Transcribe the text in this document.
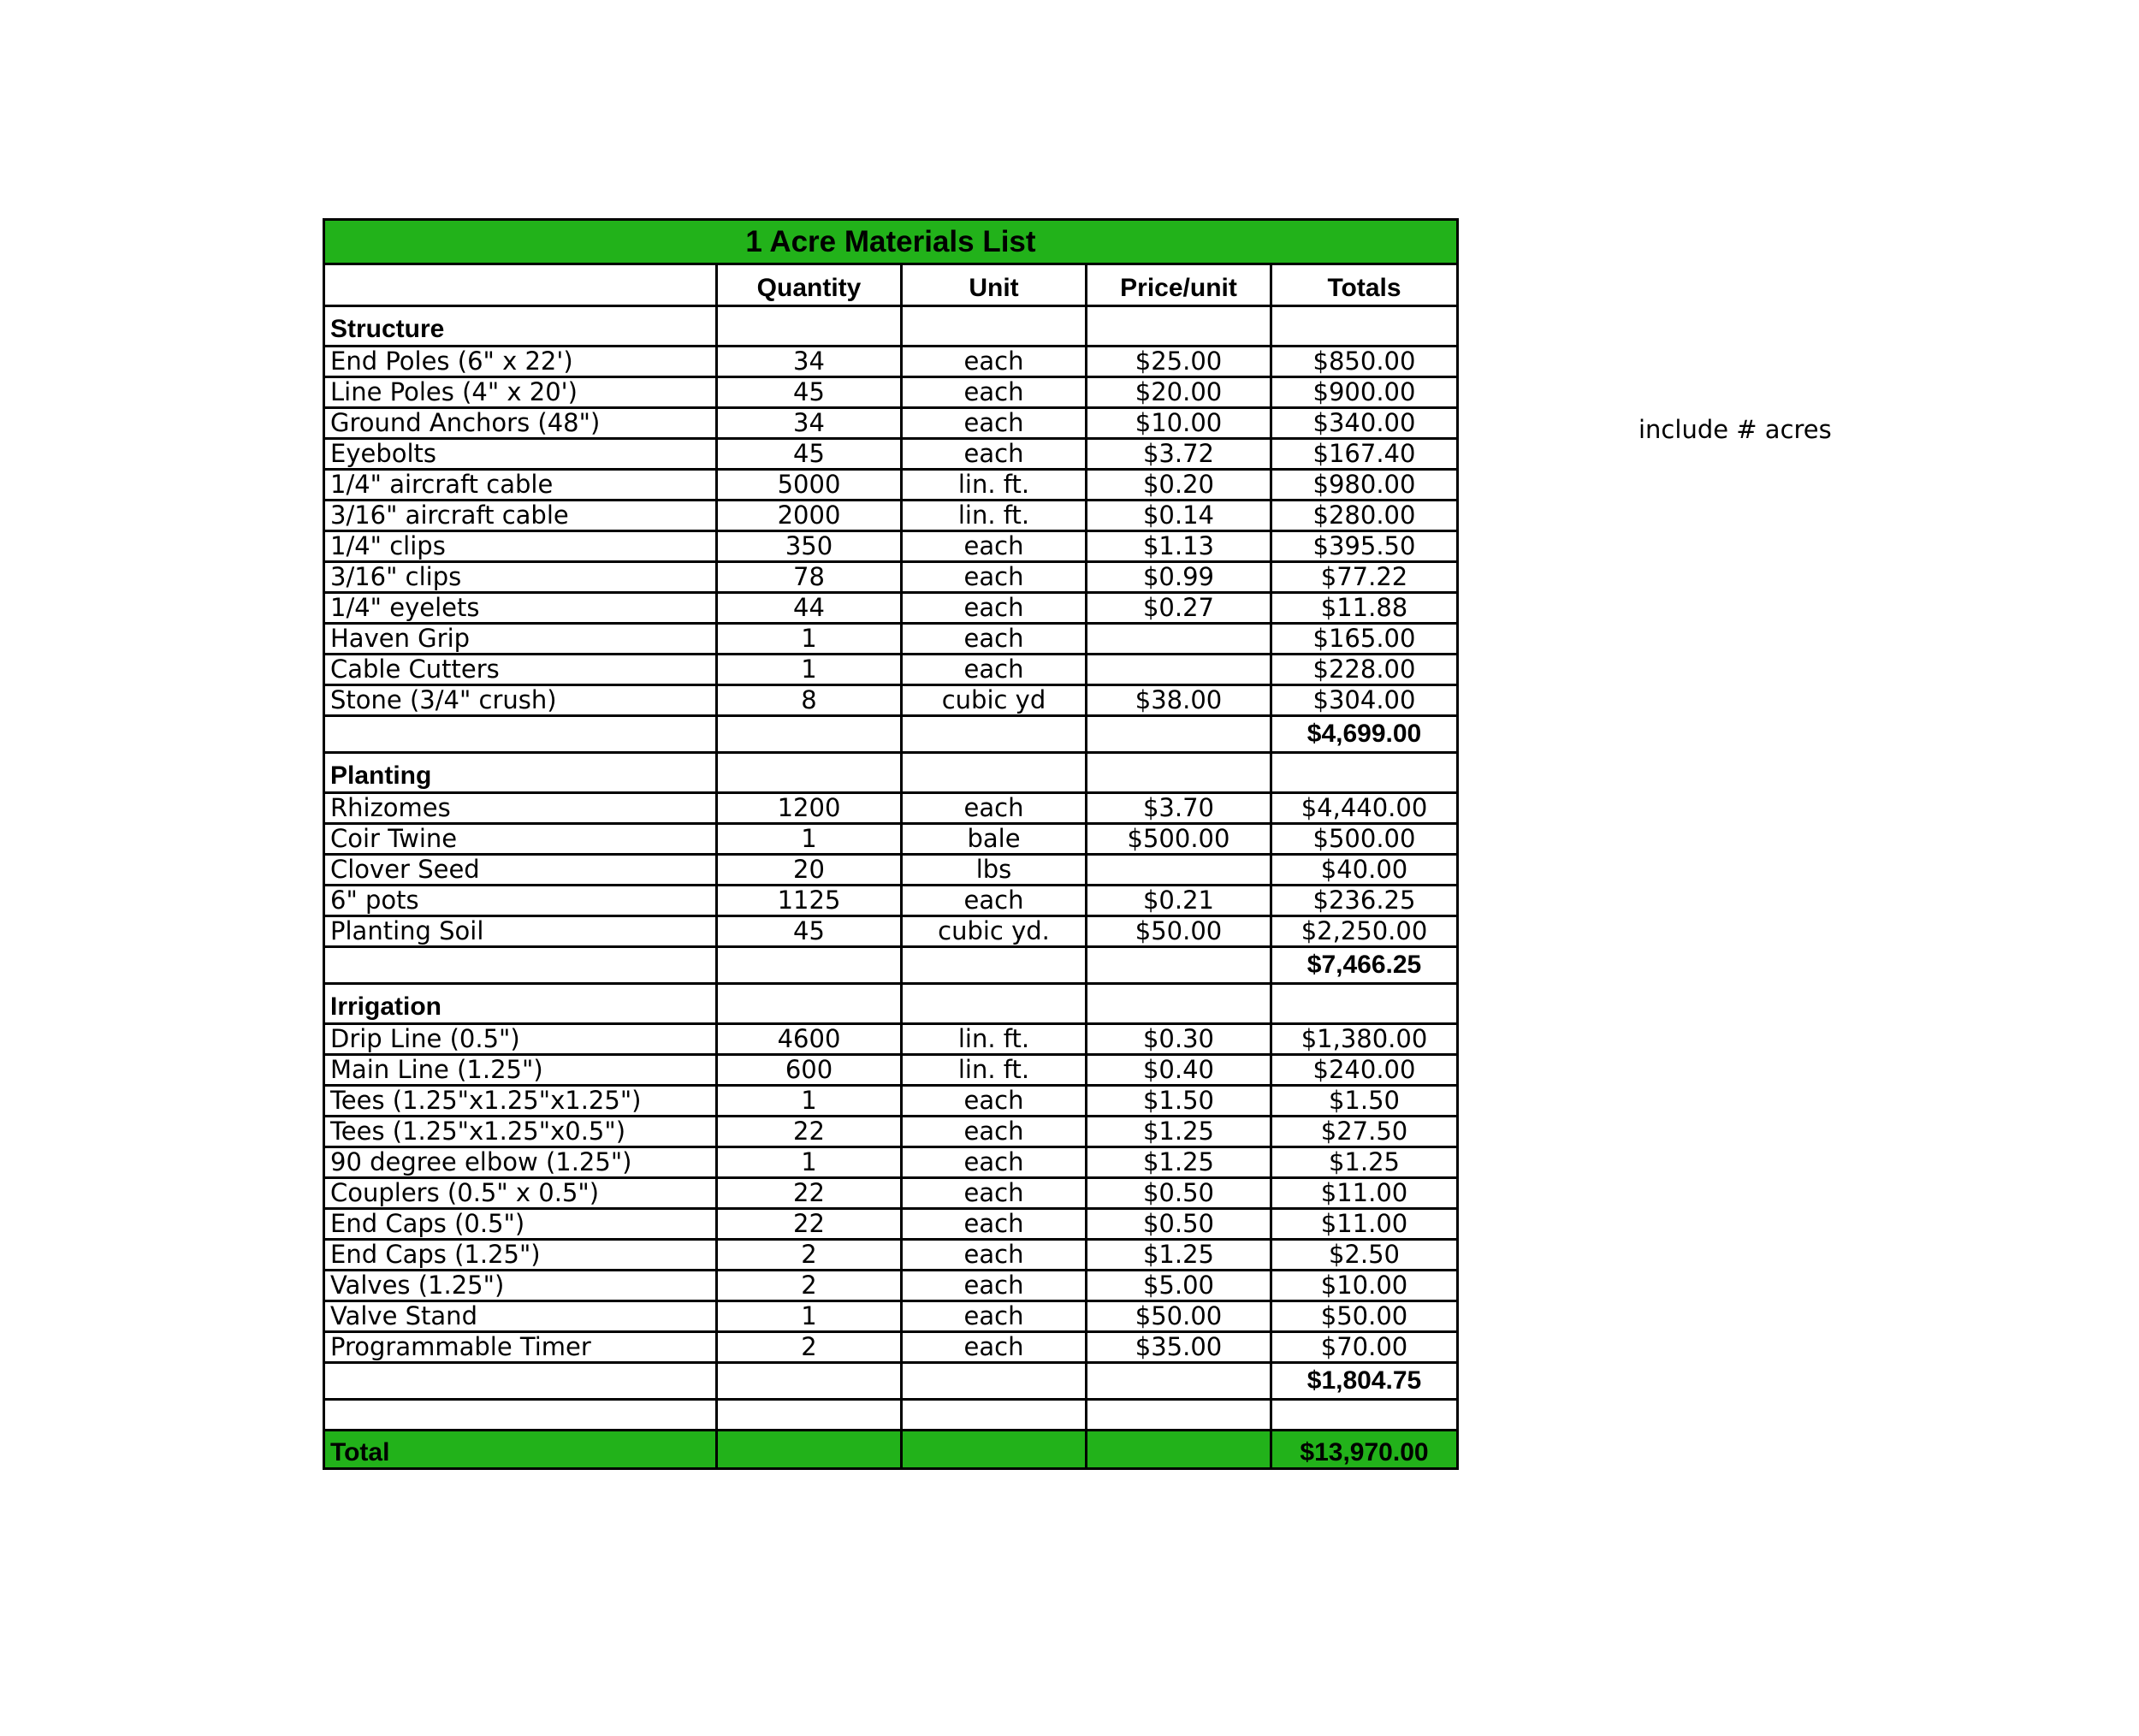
1 Acre Materials List				
	Quantity	Unit	Price/unit	Totals
Structure				
End Poles (6" x 22')	34	each	$25.00	$850.00
Line Poles (4" x 20')	45	each	$20.00	$900.00
Ground Anchors (48")	34	each	$10.00	$340.00
Eyebolts	45	each	$3.72	$167.40
1/4" aircraft cable	5000	lin. ft.	$0.20	$980.00
3/16" aircraft cable	2000	lin. ft.	$0.14	$280.00
1/4" clips	350	each	$1.13	$395.50
3/16" clips	78	each	$0.99	$77.22
1/4" eyelets	44	each	$0.27	$11.88
Haven Grip	1	each		$165.00
Cable Cutters	1	each		$228.00
Stone (3/4" crush)	8	cubic yd	$38.00	$304.00
				$4,699.00
Planting				
Rhizomes	1200	each	$3.70	$4,440.00
Coir Twine	1	bale	$500.00	$500.00
Clover Seed	20	lbs		$40.00
6" pots	1125	each	$0.21	$236.25
Planting Soil	45	cubic yd.	$50.00	$2,250.00
				$7,466.25
Irrigation				
Drip Line (0.5")	4600	lin. ft.	$0.30	$1,380.00
Main Line (1.25")	600	lin. ft.	$0.40	$240.00
Tees (1.25"x1.25"x1.25")	1	each	$1.50	$1.50
Tees (1.25"x1.25"x0.5")	22	each	$1.25	$27.50
90 degree elbow (1.25")	1	each	$1.25	$1.25
Couplers (0.5" x 0.5")	22	each	$0.50	$11.00
End Caps (0.5")	22	each	$0.50	$11.00
End Caps (1.25")	2	each	$1.25	$2.50
Valves (1.25")	2	each	$5.00	$10.00
Valve Stand	1	each	$50.00	$50.00
Programmable Timer	2	each	$35.00	$70.00
				$1,804.75

Total				$13,970.00
include # acres
